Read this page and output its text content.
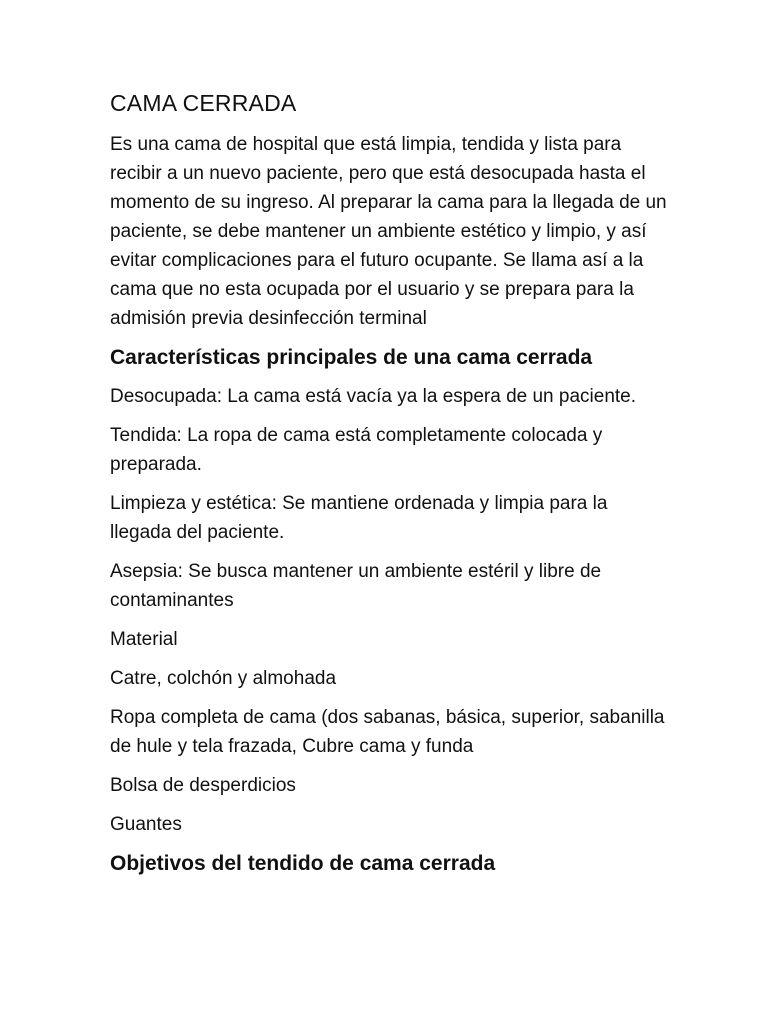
CAMA CERRADA

Es una cama de hospital que está limpia, tendida y lista para recibir a un nuevo paciente, pero que está desocupada hasta el momento de su ingreso. Al preparar la cama para la llegada de un paciente, se debe mantener un ambiente estético y limpio, y así evitar complicaciones para el futuro ocupante. Se llama así a la cama que no esta ocupada por el usuario y se prepara para la admisión previa desinfección terminal

Características principales de una cama cerrada

Desocupada: La cama está vacía ya la espera de un paciente.

Tendida: La ropa de cama está completamente colocada y preparada.

Limpieza y estética: Se mantiene ordenada y limpia para la llegada del paciente.

Asepsia: Se busca mantener un ambiente estéril y libre de contaminantes

Material

Catre, colchón y almohada

Ropa completa de cama (dos sabanas, básica, superior, sabanilla de hule y tela frazada, Cubre cama y funda

Bolsa de desperdicios

Guantes

Objetivos del tendido de cama cerrada
